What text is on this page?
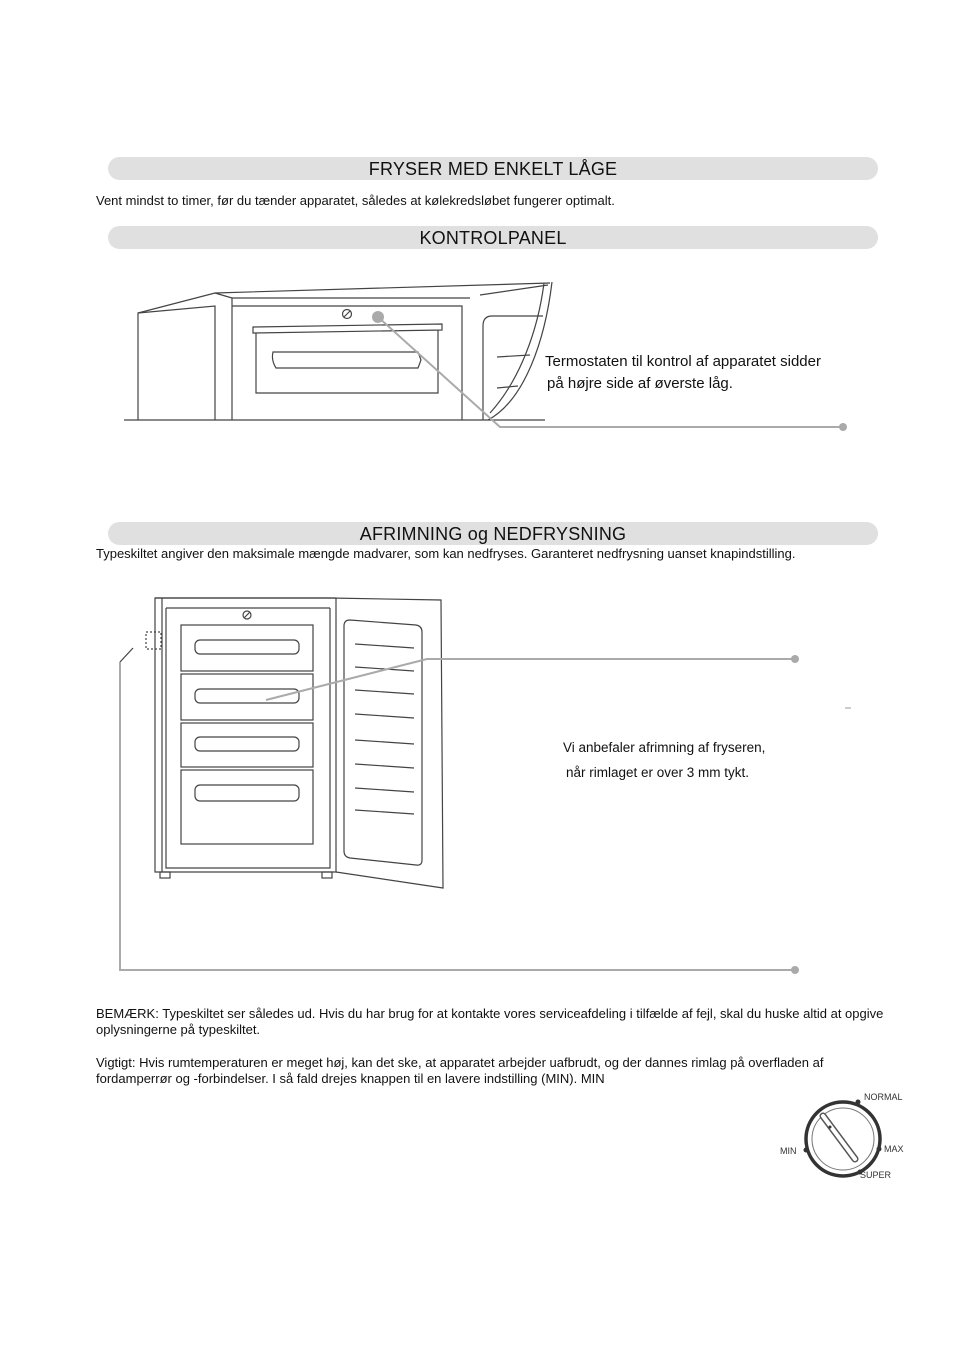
FRYSER MED ENKELT LÅGE
Vent mindst to timer, før du tænder apparatet, således at kølekredsløbet fungerer optimalt.
KONTROLPANEL
NORMAL
MAX
SUPER
MIN
Termostaten til kontrol af apparatet sidder
på højre side af øverste låg.
AFRIMNING og NEDFRYSNING
Typeskiltet angiver den maksimale mængde madvarer, som kan nedfryses. Garanteret nedfrysning uanset knapindstilling.
Vi anbefaler afrimning af fryseren,
når rimlaget er over 3 mm tykt.
BEMÆRK: Typeskiltet ser således ud. Hvis du har brug for at kontakte vores serviceafdeling i tilfælde af fejl, skal du huske altid at opgive oplysningerne på typeskiltet.
Vigtigt: Hvis rumtemperaturen er meget høj, kan det ske, at apparatet arbejder uafbrudt, og der dannes rimlag på overfladen af fordamperrør og -forbindelser. I så fald drejes knappen til en lavere indstilling (MIN). MIN
